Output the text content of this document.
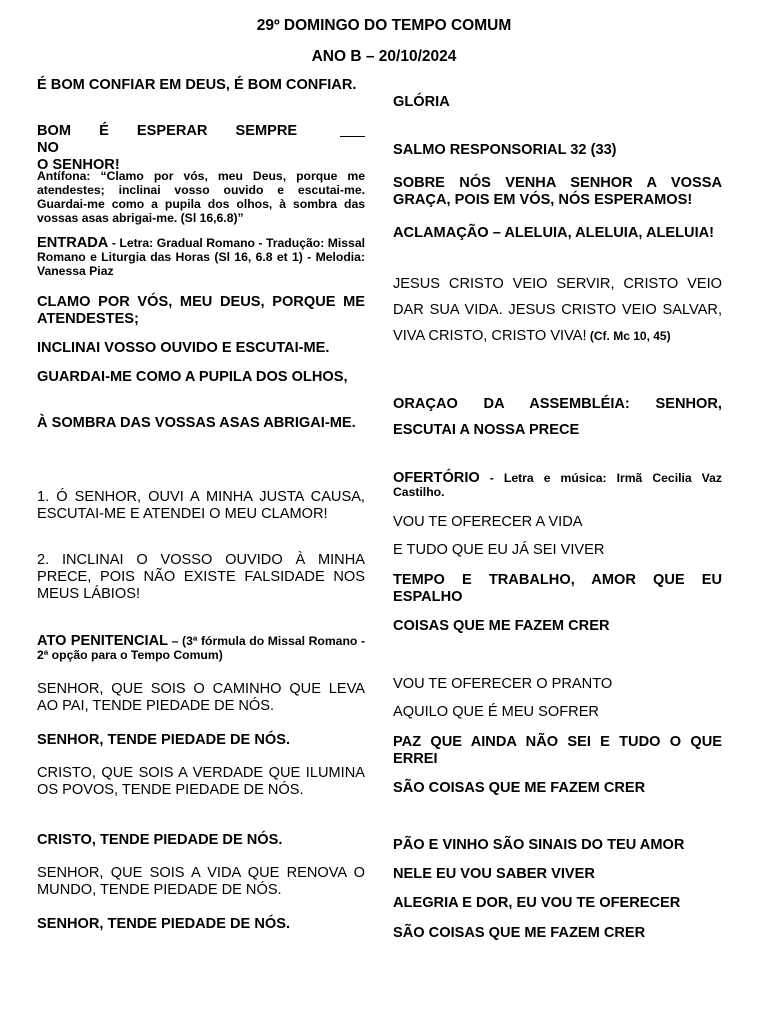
29º DOMINGO DO TEMPO COMUM
ANO B – 20/10/2024

É BOM CONFIAR EM DEUS, É BOM CONFIAR.

BOM É ESPERAR SEMPRE NO
O SENHOR!

Antífona: “Clamo por vós, meu Deus, porque me atendestes; inclinai vosso ouvido e escutai-me. Guardai-me como a pupila dos olhos, à sombra das vossas asas abrigai-me. (Sl 16,6.8)”

ENTRADA - Letra: Gradual Romano - Tradução: Missal Romano e Liturgia das Horas (Sl 16, 6.8 et 1) - Melodia: Vanessa Piaz

CLAMO POR VÓS, MEU DEUS, PORQUE ME ATENDESTES;

INCLINAI VOSSO OUVIDO E ESCUTAI-ME.

GUARDAI-ME COMO A PUPILA DOS OLHOS,

À SOMBRA DAS VOSSAS ASAS ABRIGAI-ME.

1. Ó SENHOR, OUVI A MINHA JUSTA CAUSA, ESCUTAI-ME E ATENDEI O MEU CLAMOR!

2. INCLINAI O VOSSO OUVIDO À MINHA PRECE, POIS NÃO EXISTE FALSIDADE NOS MEUS LÁBIOS!

ATO PENITENCIAL – (3ª fórmula do Missal Romano - 2ª opção para o Tempo Comum)

SENHOR, QUE SOIS O CAMINHO QUE LEVA AO PAI, TENDE PIEDADE DE NÓS.

SENHOR, TENDE PIEDADE DE NÓS.

CRISTO, QUE SOIS A VERDADE QUE ILUMINA OS POVOS, TENDE PIEDADE DE NÓS.

CRISTO, TENDE PIEDADE DE NÓS.

SENHOR, QUE SOIS A VIDA QUE RENOVA O MUNDO, TENDE PIEDADE DE NÓS.

SENHOR, TENDE PIEDADE DE NÓS.

GLÓRIA

SALMO RESPONSORIAL 32 (33)

SOBRE NÓS VENHA SENHOR A VOSSA GRAÇA, POIS EM VÓS, NÓS ESPERAMOS!

ACLAMAÇÃO – ALELUIA, ALELUIA, ALELUIA!

JESUS CRISTO VEIO SERVIR, CRISTO VEIO DAR SUA VIDA. JESUS CRISTO VEIO SALVAR, VIVA CRISTO, CRISTO VIVA! (Cf. Mc 10, 45)

ORAÇAO DA ASSEMBLÉIA: SENHOR, ESCUTAI A NOSSA PRECE

OFERTÓRIO - Letra e música: Irmã Cecilia Vaz Castilho.

VOU TE OFERECER A VIDA

E TUDO QUE EU JÁ SEI VIVER

TEMPO E TRABALHO, AMOR QUE EU ESPALHO

COISAS QUE ME FAZEM CRER

VOU TE OFERECER O PRANTO

AQUILO QUE É MEU SOFRER

PAZ QUE AINDA NÃO SEI E TUDO O QUE ERREI

SÃO COISAS QUE ME FAZEM CRER

PÃO E VINHO SÃO SINAIS DO TEU AMOR

NELE EU VOU SABER VIVER

ALEGRIA E DOR, EU VOU TE OFERECER

SÃO COISAS QUE ME FAZEM CRER
